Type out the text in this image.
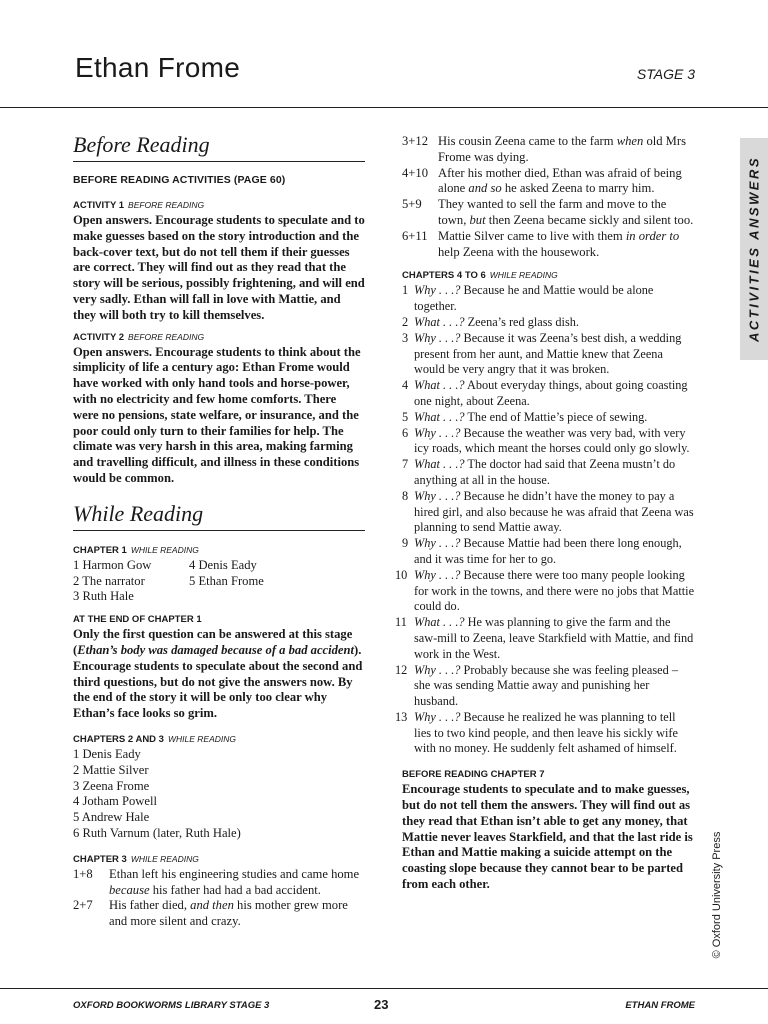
Ethan Frome	STAGE 3
ACTIVITIES ANSWERS
© Oxford University Press
Before Reading
BEFORE READING ACTIVITIES (PAGE 60)
ACTIVITY 1 BEFORE READING

Open answers. Encourage students to speculate and to make guesses based on the story introduction and the back-cover text, but do not tell them if their guesses are correct. They will find out as they read that the story will be serious, possibly frightening, and will end very sadly. Ethan will fall in love with Mattie, and they will both try to kill themselves.

ACTIVITY 2 BEFORE READING

Open answers. Encourage students to think about the simplicity of life a century ago: Ethan Frome would have worked with only hand tools and horse-power, with no electricity and few home comforts. There were no pensions, state welfare, or insurance, and the poor could only turn to their families for help. The climate was very harsh in this area, making farming and travelling difficult, and illness in these conditions would be common.

While Reading
CHAPTER 1 WHILE READING
1 Harmon Gow	4 Denis Eady
2 The narrator	5 Ethan Frome
3 Ruth Hale
AT THE END OF CHAPTER 1

Only the first question can be answered at this stage (Ethan’s body was damaged because of a bad accident). Encourage students to speculate about the second and third questions, but do not give the answers now. By the end of the story it will be only too clear why Ethan’s face looks so grim.

CHAPTERS 2 AND 3 WHILE READING
1 Denis Eady
2 Mattie Silver
3 Zeena Frome
4 Jotham Powell
5 Andrew Hale
6 Ruth Varnum (later, Ruth Hale)
CHAPTER 3 WHILE READING
1+8	Ethan left his engineering studies and came home because his father had had a bad accident.
2+7	His father died, and then his mother grew more and more silent and crazy.
3+12 His cousin Zeena came to the farm when old Mrs Frome was dying.
4+10 After his mother died, Ethan was afraid of being alone and so he asked Zeena to marry him.
5+9	They wanted to sell the farm and move to the town, but then Zeena became sickly and silent too.
6+11 Mattie Silver came to live with them in order to help Zeena with the housework.
CHAPTERS 4 TO 6 WHILE READING
1 Why . . .? Because he and Mattie would be alone together.
2 What . . .? Zeena’s red glass dish.
3 Why . . .? Because it was Zeena’s best dish, a wedding present from her aunt, and Mattie knew that Zeena would be very angry that it was broken.
4 What . . .? About everyday things, about going coasting one night, about Zeena.
5 What . . .? The end of Mattie’s piece of sewing.
6 Why . . .? Because the weather was very bad, with very icy roads, which meant the horses could only go slowly.
7 What . . .? The doctor had said that Zeena mustn’t do anything at all in the house.
8 Why . . .? Because he didn’t have the money to pay a hired girl, and also because he was afraid that Zeena was planning to send Mattie away.
9 Why . . .? Because Mattie had been there long enough, and it was time for her to go.
10 Why . . .? Because there were too many people looking for work in the towns, and there were no jobs that Mattie could do.
11 What . . .? He was planning to give the farm and the saw-mill to Zeena, leave Starkfield with Mattie, and find work in the West.
12 Why . . .? Probably because she was feeling pleased – she was sending Mattie away and punishing her husband.
13 Why . . .? Because he realized he was planning to tell lies to two kind people, and then leave his sickly wife with no money. He suddenly felt ashamed of himself.
BEFORE READING CHAPTER 7

Encourage students to speculate and to make guesses, but do not tell them the answers. They will find out as they read that Ethan isn’t able to get any money, that Mattie never leaves Starkfield, and that the last ride is Ethan and Mattie making a suicide attempt on the coasting slope because they cannot bear to be parted from each other.

OXFORD BOOKWORMS LIBRARY STAGE 3	23	ETHAN FROME
